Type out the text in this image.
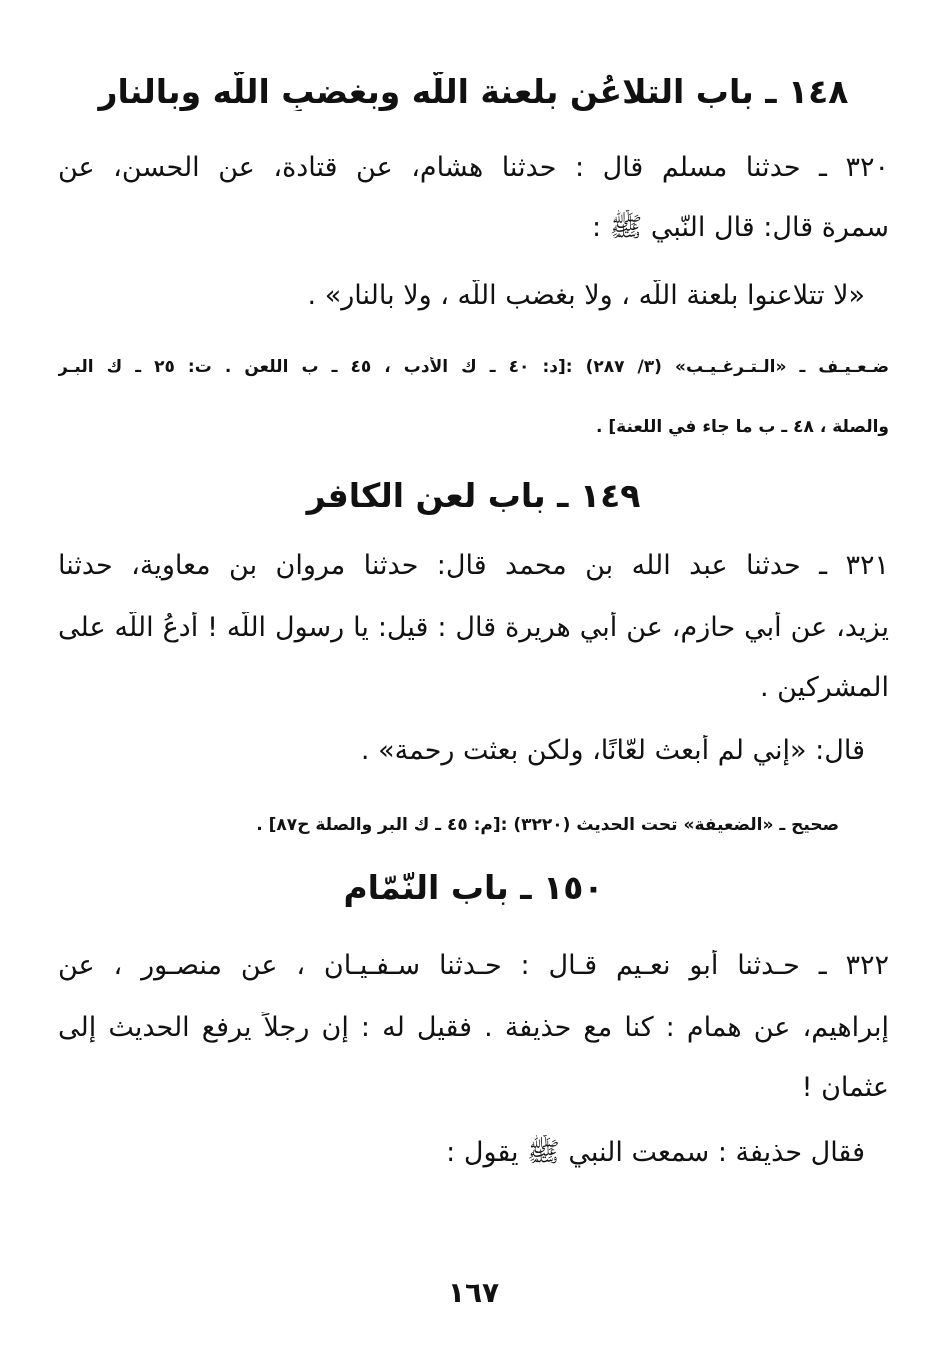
١٤٨ ـ باب التلاعُن بلعنة اللّه وبغضبِ اللّه وبالنار
٣٢٠ ـ حدثنا مسلم قال : حدثنا هشام، عن قتادة، عن الحسن، عن
سمرة قال: قال النّبي ﷺ :
«لا تتلاعنوا بلعنة اللّه ، ولا بغضب اللّه ، ولا بالنار» .
ضـعـيـف ـ «الـتـرغـيـب» (٣/ ٢٨٧) :[د: ٤٠ ـ ك الأدب ، ٤٥ ـ ب اللعن . ت: ٢٥ ـ ك البـر
والصلة ، ٤٨ ـ ب ما جاء في اللعنة] .
١٤٩ ـ باب لعن الكافر
٣٢١ ـ حدثنا عبد الله بن محمد قال: حدثنا مروان بن معاوية، حدثنا
يزيد، عن أبي حازم، عن أبي هريرة قال : قيل: يا رسول اللّه ! أُدعُ اللّه على
المشركين .
قال: «إني لم أُبعث لعّانًا، ولكن بعثت رحمة» .
صحيح ـ «الضعيفة» تحت الحديث (٣٢٢٠) :[م: ٤٥ ـ ك البر والصلة ح٨٧] .
١٥٠ ـ باب النّمّام
٣٢٢ ـ حـدثنا أبو نعـيم قـال : حـدثنا سـفـيـان ، عن منصـور ، عن
إبراهيم، عن همام : كنا مع حذيفة . فقيل له : إن رجلاً يرفع الحديث إلى
عثمان !
فقال حذيفة : سمعت النبي ﷺ يقول :
١٦٧
